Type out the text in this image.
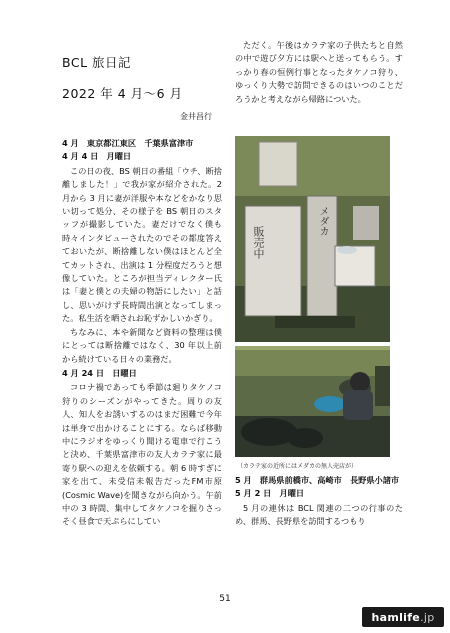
BCL 旅日記
2022 年 4 月～6 月
金井昌行

4 月　東京都江東区　千葉県富津市

4 月 4 日　月曜日

この日の夜、BS 朝日の番組「ウチ、断捨離しました！」で我が家が紹介された。2 月から 3 月に妻が洋服や本などをかなり思い切って処分、その様子を BS 朝日のスタッフが撮影していた。妻だけでなく僕も時々インタビューされたのでその都度答えておいたが、断捨離しない僕はほとんど全てカットされ、出演は 1 分程度だろうと想像していた。ところが担当ディレクター氏は「妻と僕との夫婦の物語にしたい」と話し、思いがけず長時間出演となってしまった。私生活を晒されお恥ずかしいかぎり。

ちなみに、本や新聞など資料の整理は僕にとっては断捨離ではなく、30 年以上前から続けている日々の業務だ。

4 月 24 日　日曜日

コロナ禍であっても季節は廻りタケノコ狩りのシーズンがやってきた。周りの友人、知人をお誘いするのはまだ困難で今年は単身で出かけることにする。ならば移動中にラジオをゆっくり聞ける電車で行こうと決め、千葉県富津市の友人カラテ家に最寄り駅への迎えを依頼する。朝 6 時すぎに家を出て、未受信未報告だったFM市原(Cosmic Wave)を聞きながら向かう。午前中の 3 時間、集中してタケノコを掘りさっそく昼食で天ぷらにしてい

ただく。午後はカラテ家の子供たちと自然の中で遊び夕方には駅へと送ってもらう。すっかり春の恒例行事となったタケノコ狩り、ゆっくり大勢で訪問できるのはいつのことだろうかと考えながら帰路についた。

販売中
メダカ
（カラテ家の近所にはメダカの無人売店が）

5 月　群馬県前橋市、高崎市　長野県小諸市

5 月 2 日　月曜日

5 月の連休は BCL 関連の二つの行事のため、群馬、長野県を訪問するつもり

51
hamlife .jp
